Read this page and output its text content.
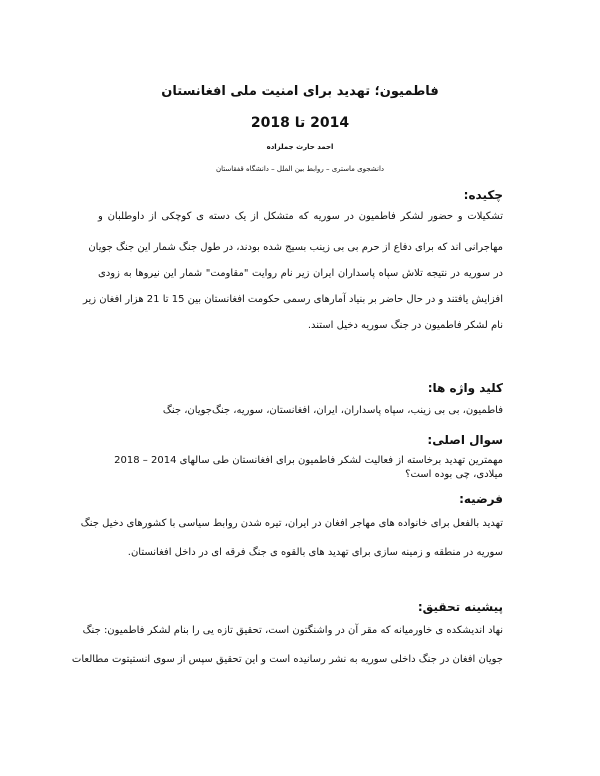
فاطمیون؛ تهدید برای امنیت ملی افغانستان
2014 تا 2018
احمد حارث جملزاده
دانشجوی ماستری – روابط بین الملل – دانشگاه قفقاستان
چکیده:
تشکیلات و حضور لشکر فاطمیون در سوریه که متشکل از یک دسته ی کوچکی از داوطلبان و
مهاجرانی اند که برای دفاع از حرم بی بی زینب بسیج شده بودند، در طول جنگ شمار این جنگ جویان
در سوریه در نتیجه تلاش سپاه پاسداران ایران زیر نام روایت "مقاومت" شمار این نیروها به زودی
افزایش یافتند و در حال حاضر بر بنیاد آمارهای رسمی حکومت افغانستان بین 15 تا 21 هزار افغان زیر
نام لشکر فاطمیون در جنگ سوریه دخیل استند.
کلید واژه ها:
فاطمیون، بی بی زینب، سپاه پاسداران، ایران، افغانستان، سوریه، جنگ‌جویان، جنگ
سوال اصلی:
مهمترین تهدید برخاسته از فعالیت لشکر فاطمیون برای افغانستان طی سالهای 2014 – 2018 میلادی، چی بوده است؟
فرضیه:
تهدید بالفعل برای خانواده های مهاجر افغان در ایران، تیره شدن روابط سیاسی با کشورهای دخیل جنگ
سوریه در منطقه و زمینه سازی برای تهدید های بالقوه ی جنگ فرقه ای در داخل افغانستان.
پیشینه تحقیق:
نهاد اندیشکده ی خاورمیانه که مقر آن در واشنگتون است، تحقیق تازه یی را بنام لشکر فاطمیون: جنگ
جویان افغان در جنگ داخلی سوریه به نشر رسانیده است و این تحقیق سپس از سوی انستیتوت مطالعات
